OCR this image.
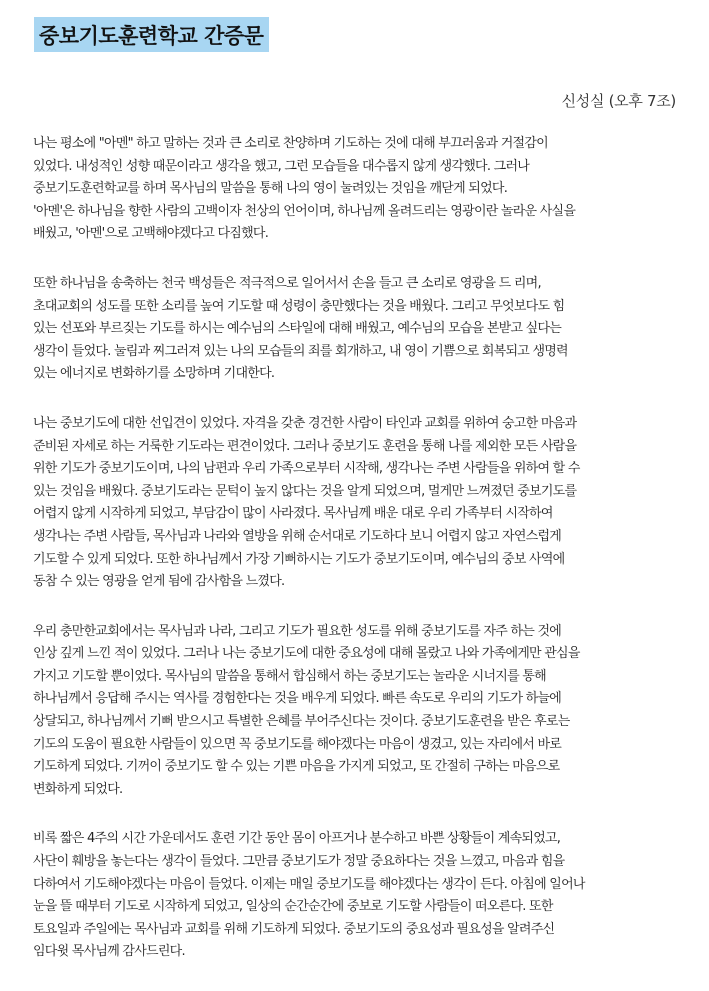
중보기도훈련학교 간증문
신성실 (오후 7조)
나는 평소에 "아멘" 하고 말하는 것과 큰 소리로 찬양하며 기도하는 것에 대해 부끄러움과 거절감이
있었다. 내성적인 성향 때문이라고 생각을 했고, 그런 모습들을 대수롭지 않게 생각했다. 그러나
중보기도훈련학교를 하며 목사님의 말씀을 통해 나의 영이 눌려있는 것임을 깨닫게 되었다.
'아멘'은 하나님을 향한 사람의 고백이자 천상의 언어이며, 하나님께 올려드리는 영광이란 놀라운 사실을
배웠고, '아멘'으로 고백해야겠다고 다짐했다.
또한 하나님을 송축하는 천국 백성들은 적극적으로 일어서서 손을 들고 큰 소리로 영광을 드 리며,
초대교회의 성도를 또한 소리를 높여 기도할 때 성령이 충만했다는 것을 배웠다. 그리고 무엇보다도 힘
있는 선포와 부르짖는 기도를 하시는 예수님의 스타일에 대해 배웠고, 예수님의 모습을 본받고 싶다는
생각이 들었다. 눌림과 찌그러져 있는 나의 모습들의 죄를 회개하고, 내 영이 기쁨으로 회복되고 생명력
있는 에너지로 변화하기를 소망하며 기대한다.
나는 중보기도에 대한 선입견이 있었다. 자격을 갖춘 경건한 사람이 타인과 교회를 위하여 숭고한 마음과
준비된 자세로 하는 거룩한 기도라는 편견이었다. 그러나 중보기도 훈련을 통해 나를 제외한 모든 사람을
위한 기도가 중보기도이며, 나의 남편과 우리 가족으로부터 시작해, 생각나는 주변 사람들을 위하여 할 수
있는 것임을 배웠다. 중보기도라는 문턱이 높지 않다는 것을 알게 되었으며, 멀게만 느껴졌던 중보기도를
어렵지 않게 시작하게 되었고, 부담감이 많이 사라졌다. 목사님께 배운 대로 우리 가족부터 시작하여
생각나는 주변 사람들, 목사님과 나라와 열방을 위해 순서대로 기도하다 보니 어렵지 않고 자연스럽게
기도할 수 있게 되었다. 또한 하나님께서 가장 기뻐하시는 기도가 중보기도이며, 예수님의 중보 사역에
동참 수 있는 영광을 얻게 됨에 감사함을 느꼈다.
우리 충만한교회에서는 목사님과 나라, 그리고 기도가 필요한 성도를 위해 중보기도를 자주 하는 것에
인상 깊게 느낀 적이 있었다. 그러나 나는 중보기도에 대한 중요성에 대해 몰랐고 나와 가족에게만 관심을
가지고 기도할 뿐이었다. 목사님의 말씀을 통해서 합심해서 하는 중보기도는 놀라운 시너지를 통해
하나님께서 응답해 주시는 역사를 경험한다는 것을 배우게 되었다. 빠른 속도로 우리의 기도가 하늘에
상달되고, 하나님께서 기뻐 받으시고 특별한 은혜를 부어주신다는 것이다. 중보기도훈련을 받은 후로는
기도의 도움이 필요한 사람들이 있으면 꼭 중보기도를 해야겠다는 마음이 생겼고, 있는 자리에서 바로
기도하게 되었다. 기꺼이 중보기도 할 수 있는 기쁜 마음을 가지게 되었고, 또 간절히 구하는 마음으로
변화하게 되었다.
비록 짧은 4주의 시간 가운데서도 훈련 기간 동안 몸이 아프거나 분수하고 바쁜 상황들이 계속되었고,
사단이 훼방을 놓는다는 생각이 들었다. 그만큼 중보기도가 정말 중요하다는 것을 느꼈고, 마음과 힘을
다하여서 기도해야겠다는 마음이 들었다. 이제는 매일 중보기도를 해야겠다는 생각이 든다. 아침에 일어나
눈을 뜰 때부터 기도로 시작하게 되었고, 일상의 순간순간에 중보로 기도할 사람들이 떠오른다. 또한
토요일과 주일에는 목사님과 교회를 위해 기도하게 되었다. 중보기도의 중요성과 필요성을 알려주신
임다윗 목사님께 감사드린다.
